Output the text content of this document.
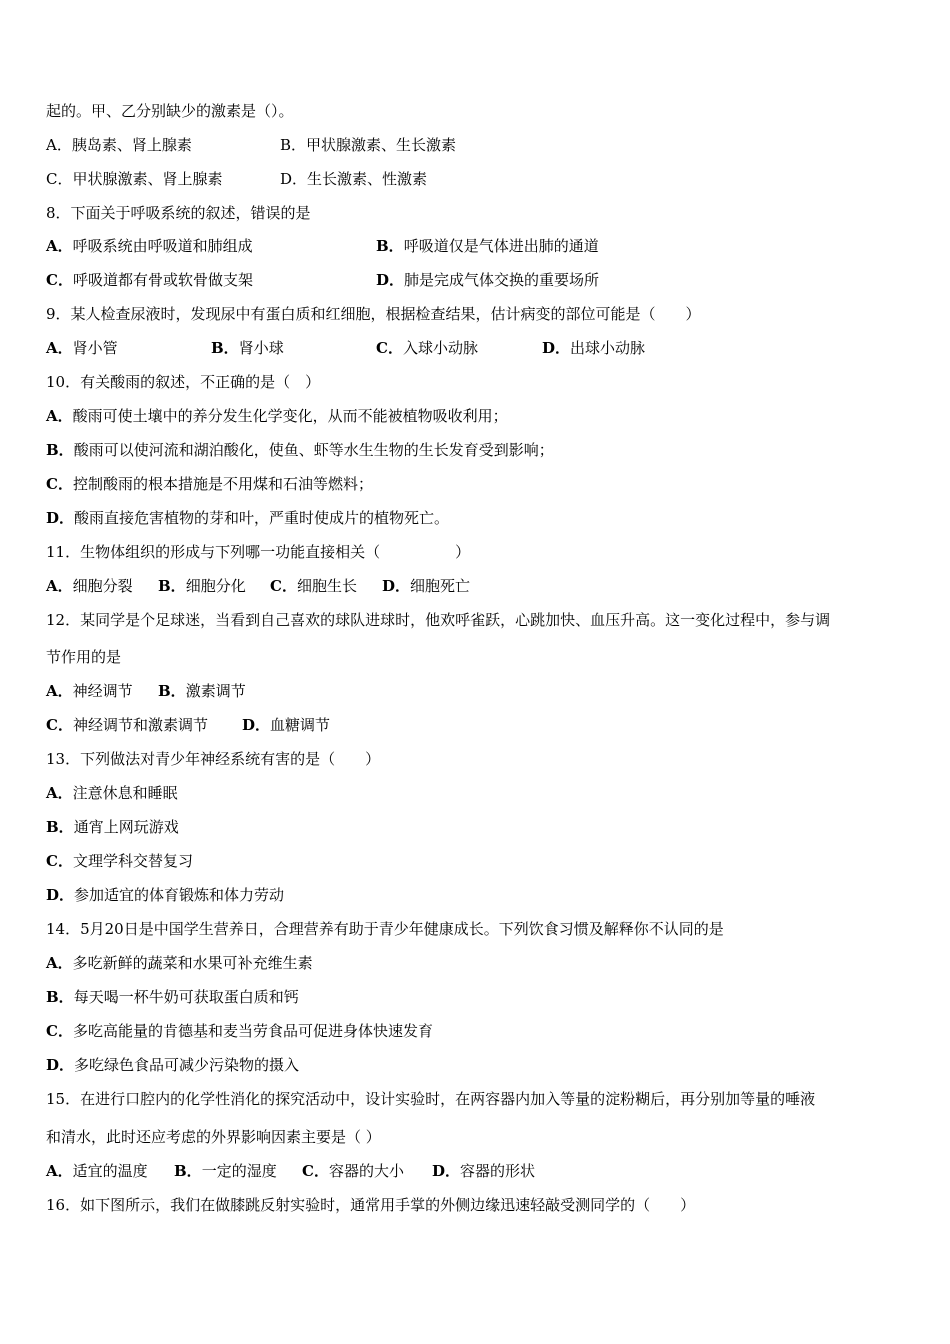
起的。甲、乙分别缺少的激素是（）。
A．胰岛素、肾上腺素	B．甲状腺激素、生长激素
C．甲状腺激素、肾上腺素	D．生长激素、性激素
8．下面关于呼吸系统的叙述，错误的是
A．呼吸系统由呼吸道和肺组成	B．呼吸道仅是气体进出肺的通道
C．呼吸道都有骨或软骨做支架	D．肺是完成气体交换的重要场所
9．某人检查尿液时，发现尿中有蛋白质和红细胞，根据检查结果，估计病变的部位可能是（　　）
A．肾小管	B．肾小球	C．入球小动脉	D．出球小动脉
10．有关酸雨的叙述，不正确的是（　）
A．酸雨可使土壤中的养分发生化学变化，从而不能被植物吸收利用；
B．酸雨可以使河流和湖泊酸化，使鱼、虾等水生生物的生长发育受到影响；
C．控制酸雨的根本措施是不用煤和石油等燃料；
D．酸雨直接危害植物的芽和叶，严重时使成片的植物死亡。
11．生物体组织的形成与下列哪一功能直接相关（　　　　　）
A．细胞分裂 B．细胞分化 C．细胞生长 D．细胞死亡
12．某同学是个足球迷，当看到自己喜欢的球队进球时，他欢呼雀跃，心跳加快、血压升高。这一变化过程中，参与调
节作用的是
A．神经调节 B．激素调节
C．神经调节和激素调节 D．血糖调节
13．下列做法对青少年神经系统有害的是（　　）
A．注意休息和睡眠
B．通宵上网玩游戏
C．文理学科交替复习
D．参加适宜的体育锻炼和体力劳动
14．5月20日是中国学生营养日，合理营养有助于青少年健康成长。下列饮食习惯及解释你不认同的是
A．多吃新鲜的蔬菜和水果可补充维生素
B．每天喝一杯牛奶可获取蛋白质和钙
C．多吃高能量的肯德基和麦当劳食品可促进身体快速发育
D．多吃绿色食品可减少污染物的摄入
15．在进行口腔内的化学性消化的探究活动中，设计实验时，在两容器内加入等量的淀粉糊后，再分别加等量的唾液
和清水，此时还应考虑的外界影响因素主要是（ ）
A．适宜的温度 B．一定的湿度 C．容器的大小 D．容器的形状
16．如下图所示，我们在做膝跳反射实验时，通常用手掌的外侧边缘迅速轻敲受测同学的（　　）
